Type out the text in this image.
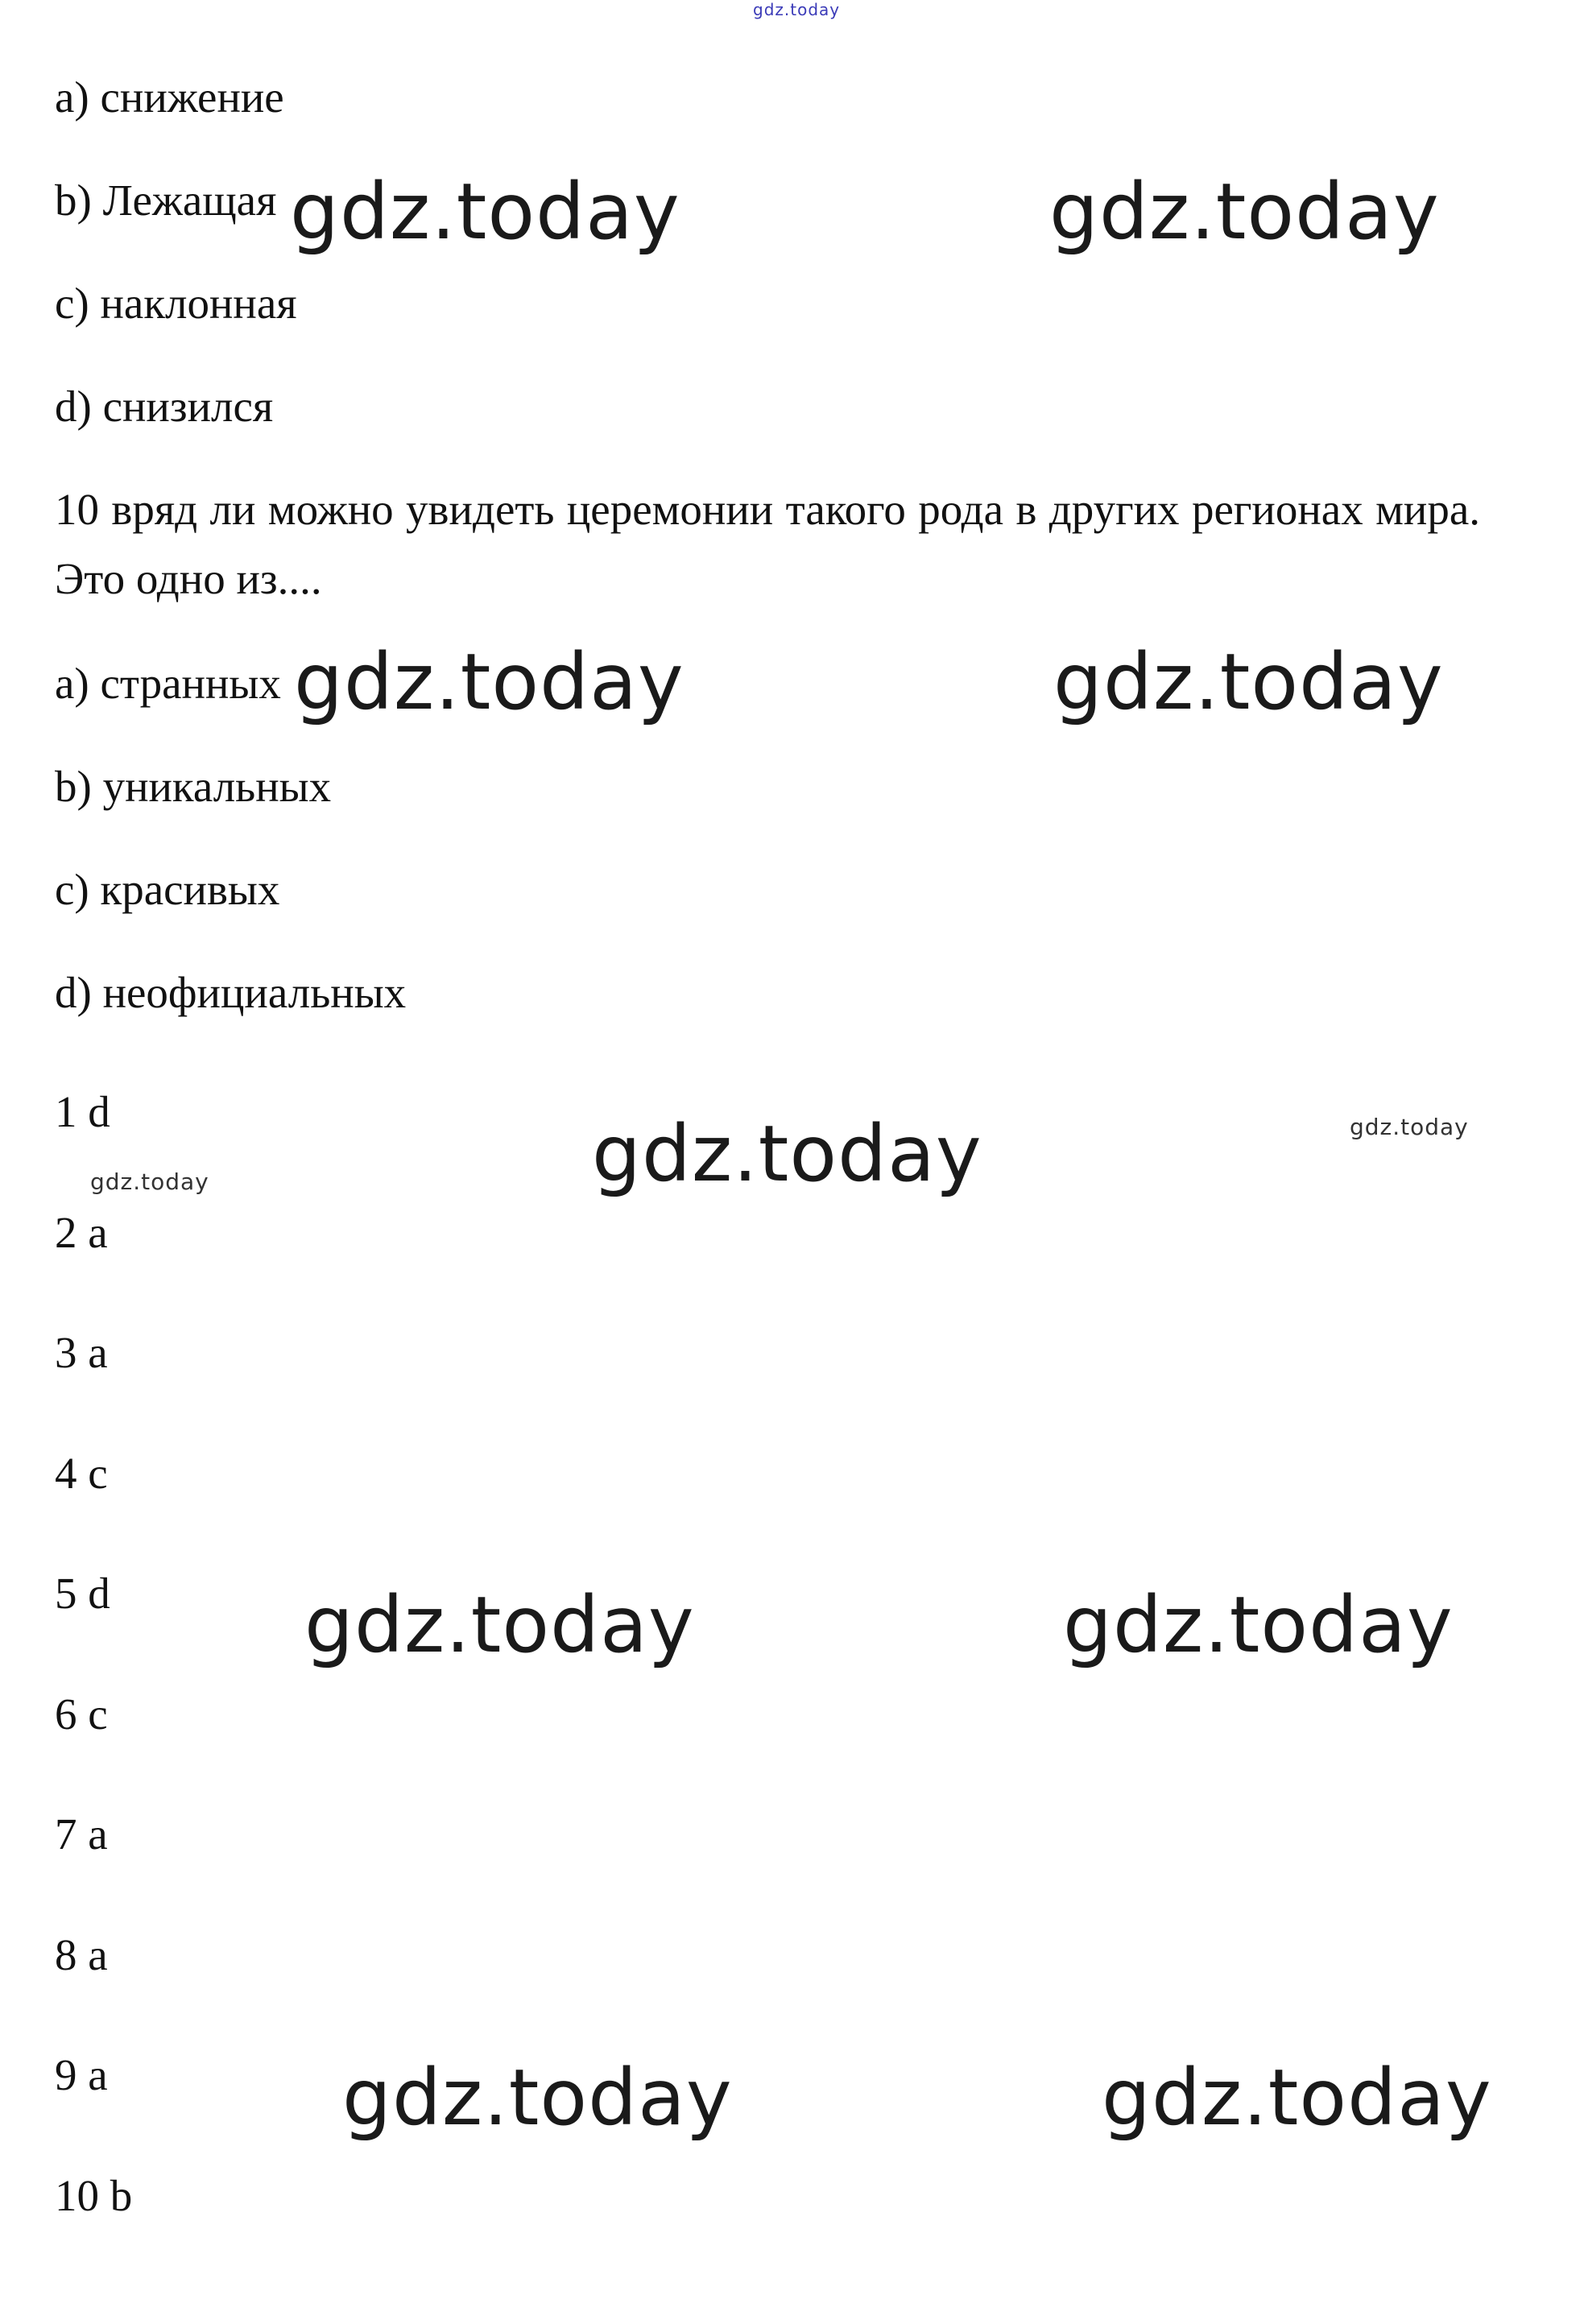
gdz.today
a) снижение
b) Лежащая
c) наклонная
d) снизился
10 вряд ли можно увидеть церемонии такого рода в других регионах мира. Это одно из....
a) странных
b) уникальных
c) красивых
d) неофициальных
1 d
2 a
3 a
4 c
5 d
6 c
7 a
8 a
9 a
10 b
gdz.today	gdz.today
gdz.today	gdz.today
gdz.today
gdz.today	gdz.today
gdz.today	gdz.today
gdz.today
gdz.today
